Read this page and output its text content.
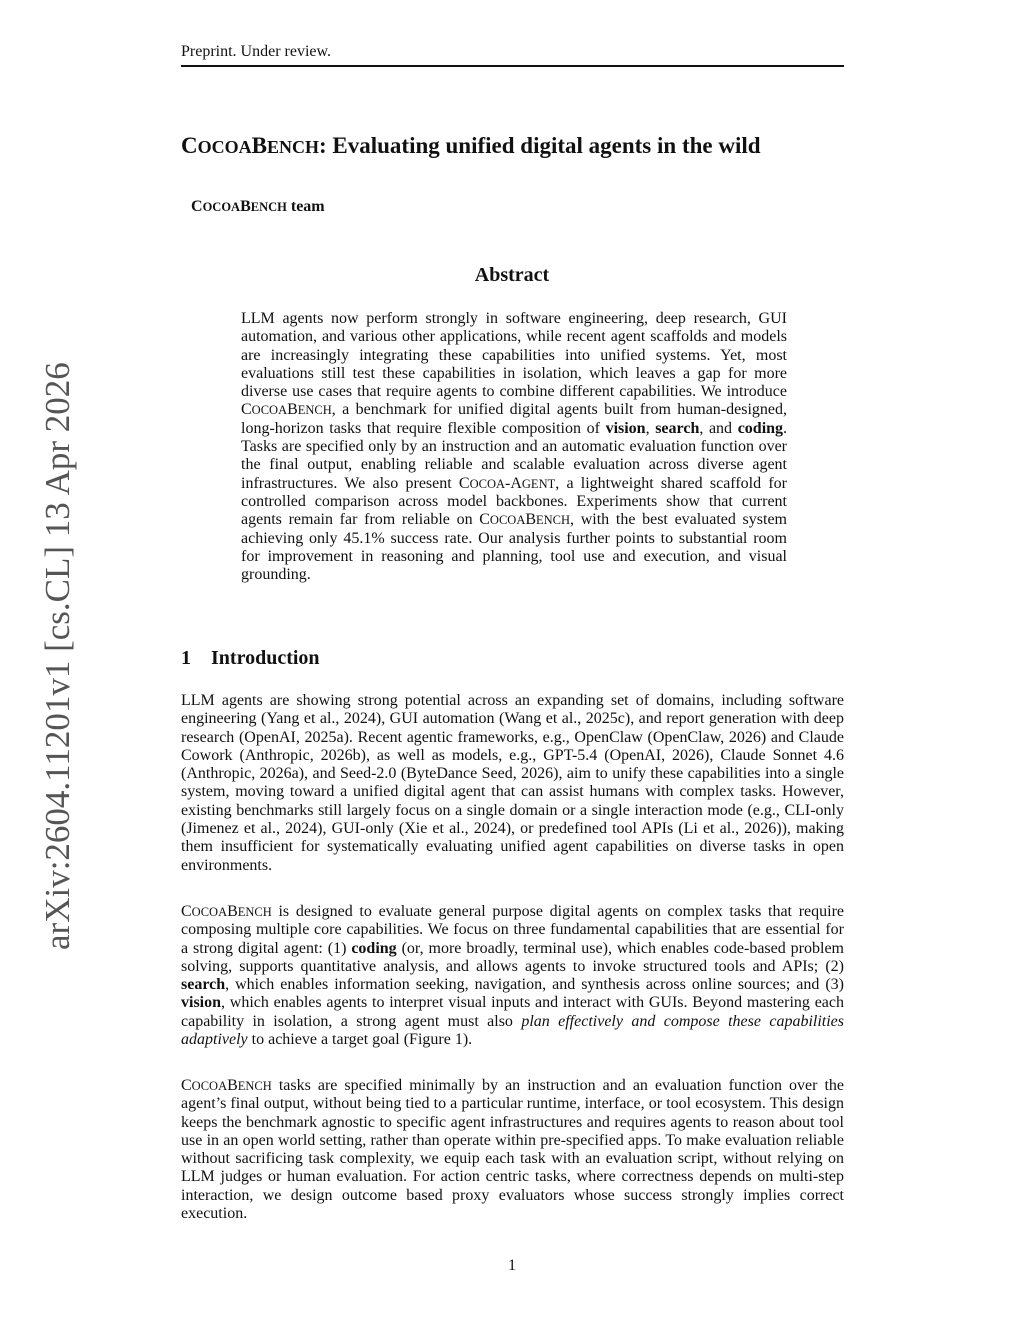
Preprint. Under review.
COCOABENCH: Evaluating unified digital agents in the wild
COCOABENCH team
Abstract

LLM agents now perform strongly in software engineering, deep research, GUI automation, and various other applications, while recent agent scaffolds and models are increasingly integrating these capabilities into unified systems. Yet, most evaluations still test these capabilities in isolation, which leaves a gap for more diverse use cases that require agents to combine different capabilities. We introduce COCOABENCH, a benchmark for unified digital agents built from human-designed, long-horizon tasks that require flexible composition of vision, search, and coding. Tasks are specified only by an instruction and an automatic evaluation function over the final output, enabling reliable and scalable evaluation across diverse agent infrastructures. We also present COCOA-AGENT, a lightweight shared scaffold for controlled comparison across model backbones. Experiments show that current agents remain far from reliable on COCOABENCH, with the best evaluated system achieving only 45.1% success rate. Our analysis further points to substantial room for improvement in reasoning and planning, tool use and execution, and visual grounding.

1 Introduction

LLM agents are showing strong potential across an expanding set of domains, including software engineering (Yang et al., 2024), GUI automation (Wang et al., 2025c), and report generation with deep research (OpenAI, 2025a). Recent agentic frameworks, e.g., OpenClaw (OpenClaw, 2026) and Claude Cowork (Anthropic, 2026b), as well as models, e.g., GPT-5.4 (OpenAI, 2026), Claude Sonnet 4.6 (Anthropic, 2026a), and Seed-2.0 (ByteDance Seed, 2026), aim to unify these capabilities into a single system, moving toward a unified digital agent that can assist humans with complex tasks. However, existing benchmarks still largely focus on a single domain or a single interaction mode (e.g., CLI-only (Jimenez et al., 2024), GUI-only (Xie et al., 2024), or predefined tool APIs (Li et al., 2026)), making them insufficient for systematically evaluating unified agent capabilities on diverse tasks in open environments.

COCOABENCH is designed to evaluate general purpose digital agents on complex tasks that require composing multiple core capabilities. We focus on three fundamental capabilities that are essential for a strong digital agent: (1) coding (or, more broadly, terminal use), which enables code-based problem solving, supports quantitative analysis, and allows agents to invoke structured tools and APIs; (2) search, which enables information seeking, navigation, and synthesis across online sources; and (3) vision, which enables agents to interpret visual inputs and interact with GUIs. Beyond mastering each capability in isolation, a strong agent must also plan effectively and compose these capabilities adaptively to achieve a target goal (Figure 1).

COCOABENCH tasks are specified minimally by an instruction and an evaluation function over the agent’s final output, without being tied to a particular runtime, interface, or tool ecosystem. This design keeps the benchmark agnostic to specific agent infrastructures and requires agents to reason about tool use in an open world setting, rather than operate within pre-specified apps. To make evaluation reliable without sacrificing task complexity, we equip each task with an evaluation script, without relying on LLM judges or human evaluation. For action centric tasks, where correctness depends on multi-step interaction, we design outcome based proxy evaluators whose success strongly implies correct execution.

1
arXiv:2604.11201v1 [cs.CL] 13 Apr 2026
